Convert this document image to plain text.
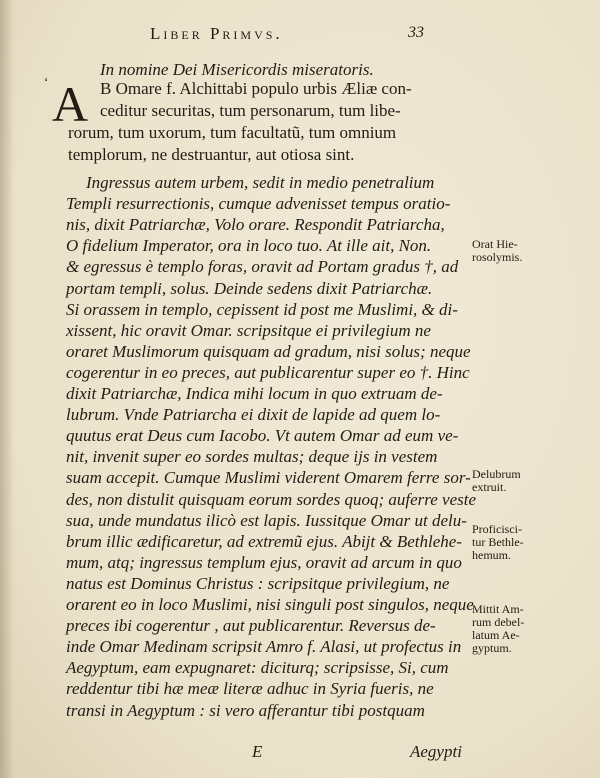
Liber Primvs.	33
In nomine Dei Misericordis miseratoris.
‘ A B Omare f. Alchittabi populo urbis Æliæ con-
ceditur securitas, tum personarum, tum libe-
rorum, tum uxorum, tum facultatũ, tum omnium
templorum, ne destruantur, aut otiosa sint.
Ingressus autem urbem, sedit in medio penetralium
Templi resurrectionis, cumque advenisset tempus oratio-
nis, dixit Patriarchæ, Volo orare. Respondit Patriarcha,
O fidelium Imperator, ora in loco tuo. At ille ait, Non.
& egressus è templo foras, oravit ad Portam gradus †, ad
portam templi, solus. Deinde sedens dixit Patriarchæ.
Si orassem in templo, cepissent id post me Muslimi, & di-
xissent, hic oravit Omar. scripsitque ei privilegium ne
oraret Muslimorum quisquam ad gradum, nisi solus; neque
cogerentur in eo preces, aut publicarentur super eo †. Hinc
dixit Patriarchæ, Indica mihi locum in quo extruam de-
lubrum. Vnde Patriarcha ei dixit de lapide ad quem lo-
quutus erat Deus cum Iacobo. Vt autem Omar ad eum ve-
nit, invenit super eo sordes multas; deque ijs in vestem
suam accepit. Cumque Muslimi viderent Omarem ferre sor-
des, non distulit quisquam eorum sordes quoq; auferre veste
sua, unde mundatus ilicò est lapis. Iussitque Omar ut delu-
brum illic ædificaretur, ad extremũ ejus. Abijt & Bethlehe-
mum, atq; ingressus templum ejus, oravit ad arcum in quo
natus est Dominus Christus : scripsitque privilegium, ne
orarent eo in loco Muslimi, nisi singuli post singulos, neque
preces ibi cogerentur , aut publicarentur. Reversus de-
inde Omar Medinam scripsit Amro f. Alasi, ut profectus in
Aegyptum, eam expugnaret: diciturq; scripsisse, Si, cum
reddentur tibi hæ meæ literæ adhuc in Syria fueris, ne
transi in Aegyptum : si vero afferantur tibi postquam
Orat Hie-
rosolymis.
Delubrum
extruit.
Proficisci-
tur Bethle-
hemum.
Mittit Am-
rum debel-
latum Ae-
gyptum.
E	Aegypti
